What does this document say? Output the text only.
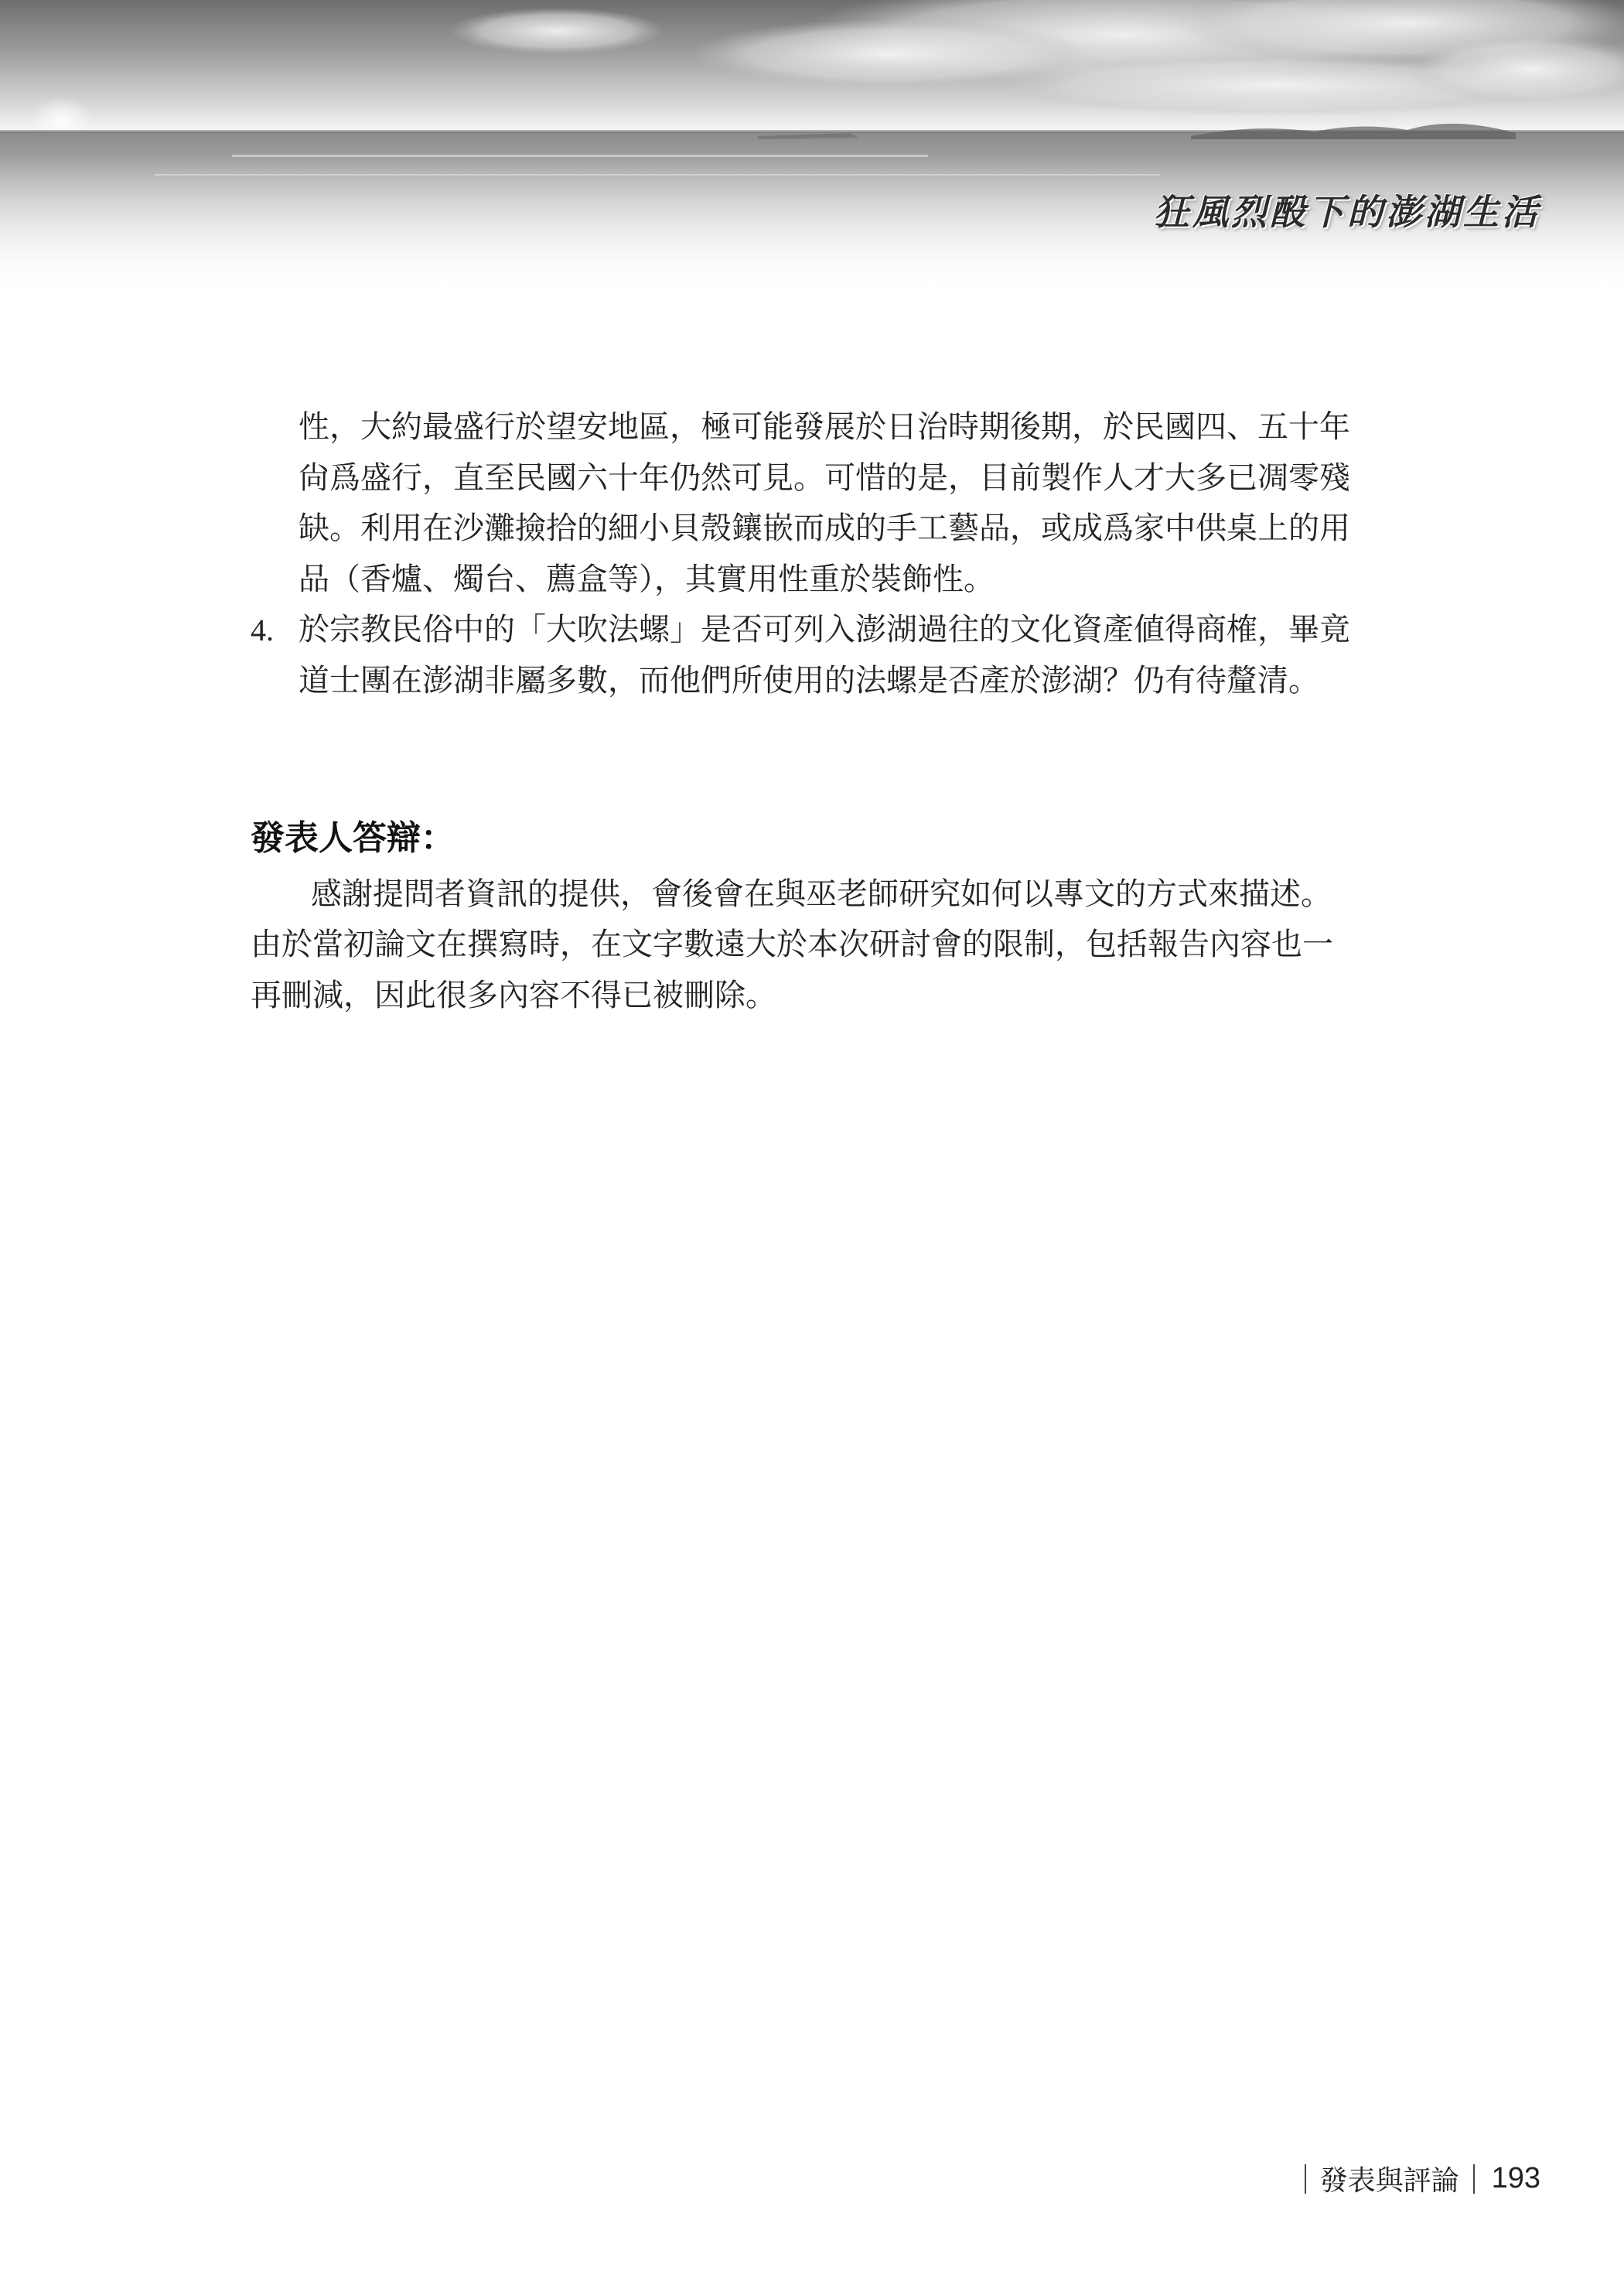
狂風烈酘下的澎湖生活

性，大約最盛行於望安地區，極可能發展於日治時期後期，於民國四、五十年

尙爲盛行，直至民國六十年仍然可見。可惜的是，目前製作人才大多已凋零殘

缺。利用在沙灘撿拾的細小貝殼鑲嵌而成的手工藝品，或成爲家中供桌上的用

品（香爐、燭台、薦盒等），其實用性重於裝飾性。

4. 於宗教民俗中的「大吹法螺」是否可列入澎湖過往的文化資產値得商榷，畢竟

道士團在澎湖非屬多數，而他們所使用的法螺是否產於澎湖？仍有待釐清。

發表人答辯：

感謝提問者資訊的提供，會後會在與巫老師研究如何以專文的方式來描述。

由於當初論文在撰寫時，在文字數遠大於本次研討會的限制，包括報告內容也一

再刪減，因此很多內容不得已被刪除。

發表與評論 193
